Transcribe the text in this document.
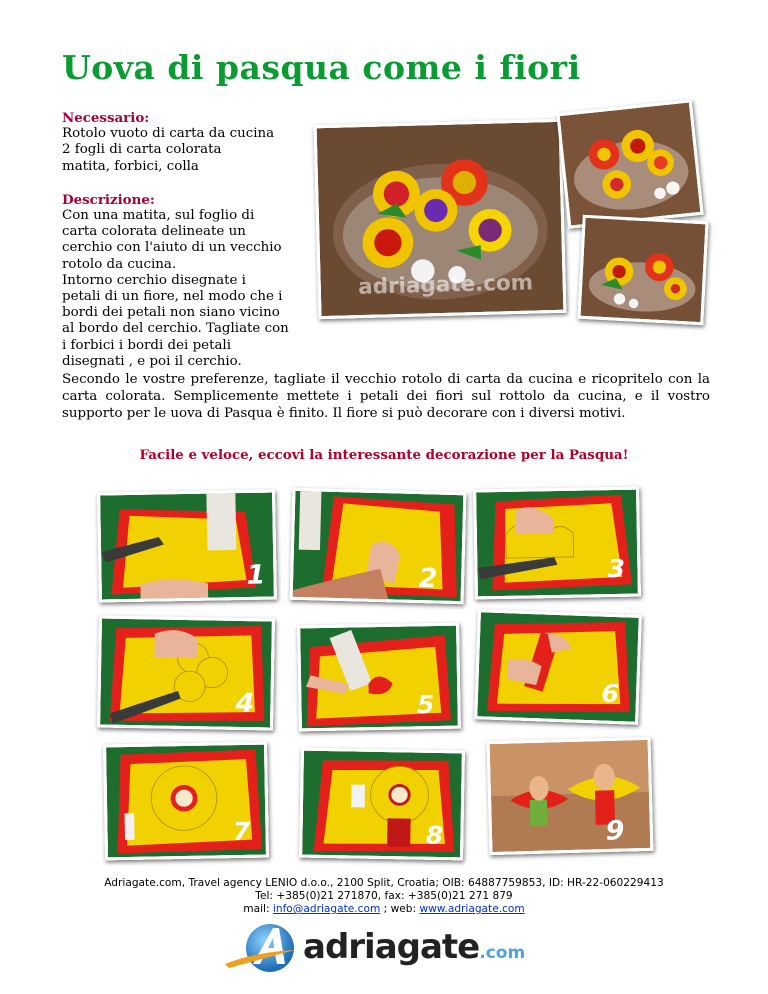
Uova di pasqua come i fiori
Necessario:
Rotolo vuoto di carta da cucina
2 fogli di carta colorata
matita, forbici, colla
Descrizione:
Con una matita, sul foglio di
carta colorata delineate un
cerchio con l'aiuto di un vecchio
rotolo da cucina.
Intorno cerchio disegnate i
petali di un fiore, nel modo che i
bordi dei petali non siano vicino
al bordo del cerchio. Tagliate con
i forbici i bordi dei petali
disegnati , e poi il cerchio.
adriagate.com
Secondo le vostre preferenze, tagliate il vecchio rotolo di carta da cucina e ricopritelo con la carta colorata. Semplicemente mettete i petali dei fiori sul rottolo da cucina, e il vostro supporto per le uova di Pasqua è finito. Il fiore si può decorare con i diversi motivi.
Facile e veloce, eccovi la interessante decorazione per la Pasqua!
1	2	3
4	5	6
7	8	9
Adriagate.com, Travel agency LENIO d.o.o., 2100 Split, Croatia; OIB: 64887759853, ID: HR-22-060229413
Tel: +385(0)21 271870, fax: +385(0)21 271 879
mail: info@adriagate.com ; web: www.adriagate.com
adriagate.com
